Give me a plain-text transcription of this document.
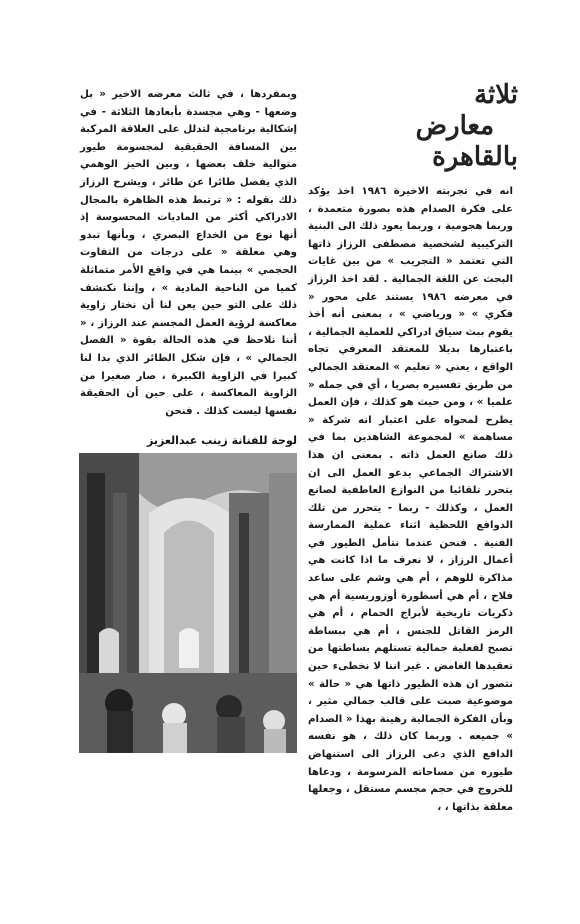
ثلاثة
معارض
بالقاهرة

وبمفردها ، في ثالث معرضه الاخير « بل وضعها - وهي مجسدة بأبعادها الثلاثة - في إشكالية برنامجية لتدلل على العلاقة المركبة بين المسافة الحقيقية لمجسومة طيور متوالية خلف بعضها ، وبين الحيز الوهمي الذي يفصل طائرا عن طائر ، ويشرح الرزاز ذلك بقوله : « ترتبط هذه الظاهرة بالمجال الادراكي أكثر من الماديات المحسوسة إذ أنها نوع من الخداع البصري ، وبأنها تبدو وهي معلقة « على درجات من التفاوت الحجمي » بينما هي في واقع الأمر متماثلة كميا من الناحية المادية » ، وإننا نكتشف ذلك على التو حين يعن لنا أن نختار زاوية معاكسة لرؤية العمل المجسم عند الرزاز ، « أننا نلاحظ في هذه الحالة بقوة « الفصل الجمالي » ، فإن شكل الطائر الذي بدا لنا كبيرا في الزاوية الكبيرة ، صار صغيرا من الزاوية المعاكسة ، على حين أن الحقيقة نفسها ليست كذلك . فنحن

لوحة للفنانة زينب عبدالعزيز

انه في تجربته الاخيرة ١٩٨٦ اخذ يؤكد على فكرة الصدام هذه بصورة متعمدة ، وربما هجومية ، وربما يعود ذلك الى البنية التركيبية لشخصية مصطفى الرزاز ذاتها التي تعتمد « التجريب » من بين غايات البحث عن اللغة الجمالية . لقد اخذ الرزاز في معرضه ١٩٨٦ يستند على محور « فكري » « ورياضي » ، بمعنى أنه أخذ يقوم ببث سياق ادراكي للعملية الجمالية ، باعتبارها بديلا للمعتقد المعرفي تجاه الواقع ، يعني « تعليم » المعتقد الجمالي من طريق تفسيره بصريا ، أي في جمله « علميا » ، ومن حيث هو كذلك ، فإن العمل يطرح لمحواه على اعتبار انه شركة « مساهمة » لمجموعة الشاهدين بما في ذلك صانع العمل ذاته . بمعنى ان هذا الاشتراك الجماعي يدعو العمل الى ان يتحرر تلقائيا من النوازع العاطفية لصانع العمل ، وكذلك - ربما - يتحرر من تلك الدوافع اللحظية اثناء عملية الممارسة الفنية . فنحن عندما نتأمل الطيور في أعمال الرزاز ، لا نعرف ما اذا كانت هي مذاكرة للوهم ، أم هي وشم على ساعد فلاح ، أم هي أسطورة أوزوريسية أم هي ذكريات تاريخية لأبراج الحمام ، أم هي الرمز القاتل للجنس ، أم هي ببساطة تصبح لفعلية جمالية تستلهم بساطتها من تعقيدها الغامض . غير اننا لا نخطىء حين نتصور ان هذه الطيور ذاتها هي « حالة » موضوعية صبت على قالب جمالي مثير ، وبأن الفكرة الجمالية رهينة بهذا « الصدام » جميعه . وربما كان ذلك ، هو نفسه الدافع الذي دعى الرزاز الى استنهاض طيوره من مساحاته المرسومة ، ودعاها للخروج في حجم مجسم مستقل ، وجعلها معلقة بذاتها ، ،
